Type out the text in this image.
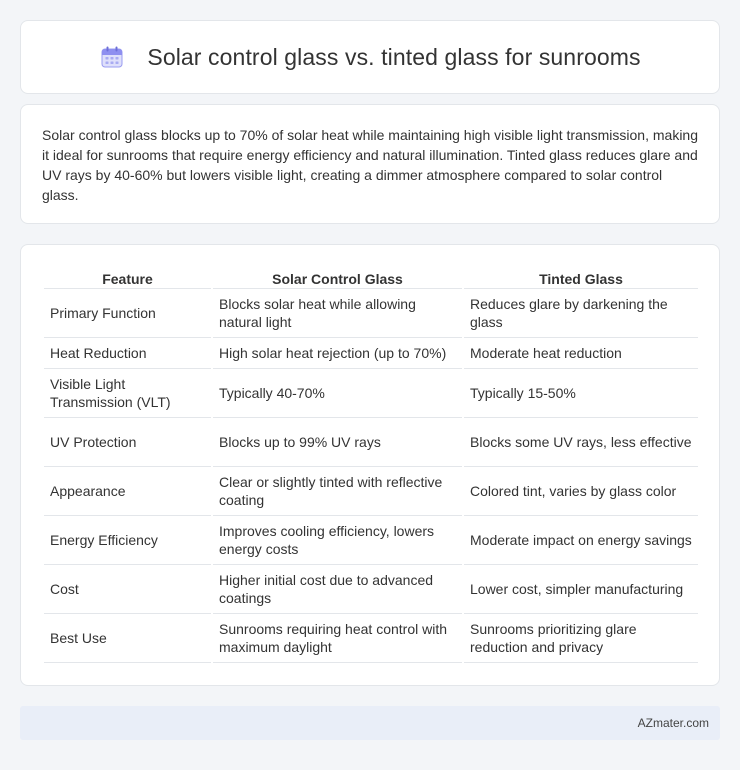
Solar control glass vs. tinted glass for sunrooms

Solar control glass blocks up to 70% of solar heat while maintaining high visible light transmission, making it ideal for sunrooms that require energy efficiency and natural illumination. Tinted glass reduces glare and UV rays by 40-60% but lowers visible light, creating a dimmer atmosphere compared to solar control glass.

Feature	Solar Control Glass	Tinted Glass
Primary Function	Blocks solar heat while allowing natural light	Reduces glare by darkening the glass
Heat Reduction	High solar heat rejection (up to 70%)	Moderate heat reduction
Visible Light Transmission (VLT)	Typically 40-70%	Typically 15-50%
UV Protection	Blocks up to 99% UV rays	Blocks some UV rays, less effective
Appearance	Clear or slightly tinted with reflective coating	Colored tint, varies by glass color
Energy Efficiency	Improves cooling efficiency, lowers energy costs	Moderate impact on energy savings
Cost	Higher initial cost due to advanced coatings	Lower cost, simpler manufacturing
Best Use	Sunrooms requiring heat control with maximum daylight	Sunrooms prioritizing glare reduction and privacy
AZmater.com
